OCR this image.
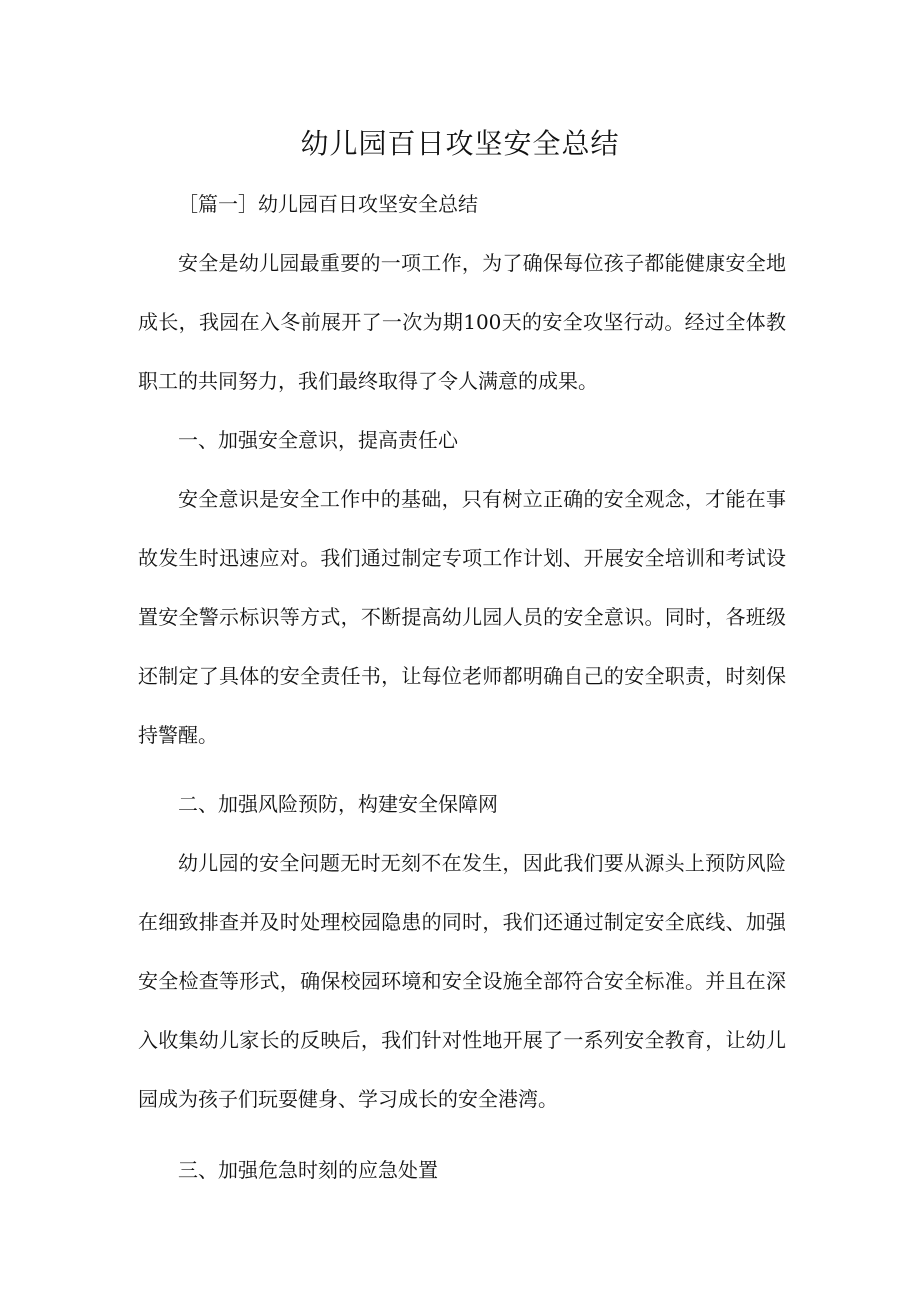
幼儿园百日攻坚安全总结

［篇一］幼儿园百日攻坚安全总结

安全是幼儿园最重要的一项工作，为了确保每位孩子都能健康安全地成长，我园在入冬前展开了一次为期100天的安全攻坚行动。经过全体教职工的共同努力，我们最终取得了令人满意的成果。

一、加强安全意识，提高责任心

安全意识是安全工作中的基础，只有树立正确的安全观念，才能在事故发生时迅速应对。我们通过制定专项工作计划、开展安全培训和考试设置安全警示标识等方式，不断提高幼儿园人员的安全意识。同时，各班级还制定了具体的安全责任书，让每位老师都明确自己的安全职责，时刻保持警醒。

二、加强风险预防，构建安全保障网

幼儿园的安全问题无时无刻不在发生，因此我们要从源头上预防风险在细致排查并及时处理校园隐患的同时，我们还通过制定安全底线、加强安全检查等形式，确保校园环境和安全设施全部符合安全标准。并且在深入收集幼儿家长的反映后，我们针对性地开展了一系列安全教育，让幼儿园成为孩子们玩耍健身、学习成长的安全港湾。

三、加强危急时刻的应急处置
